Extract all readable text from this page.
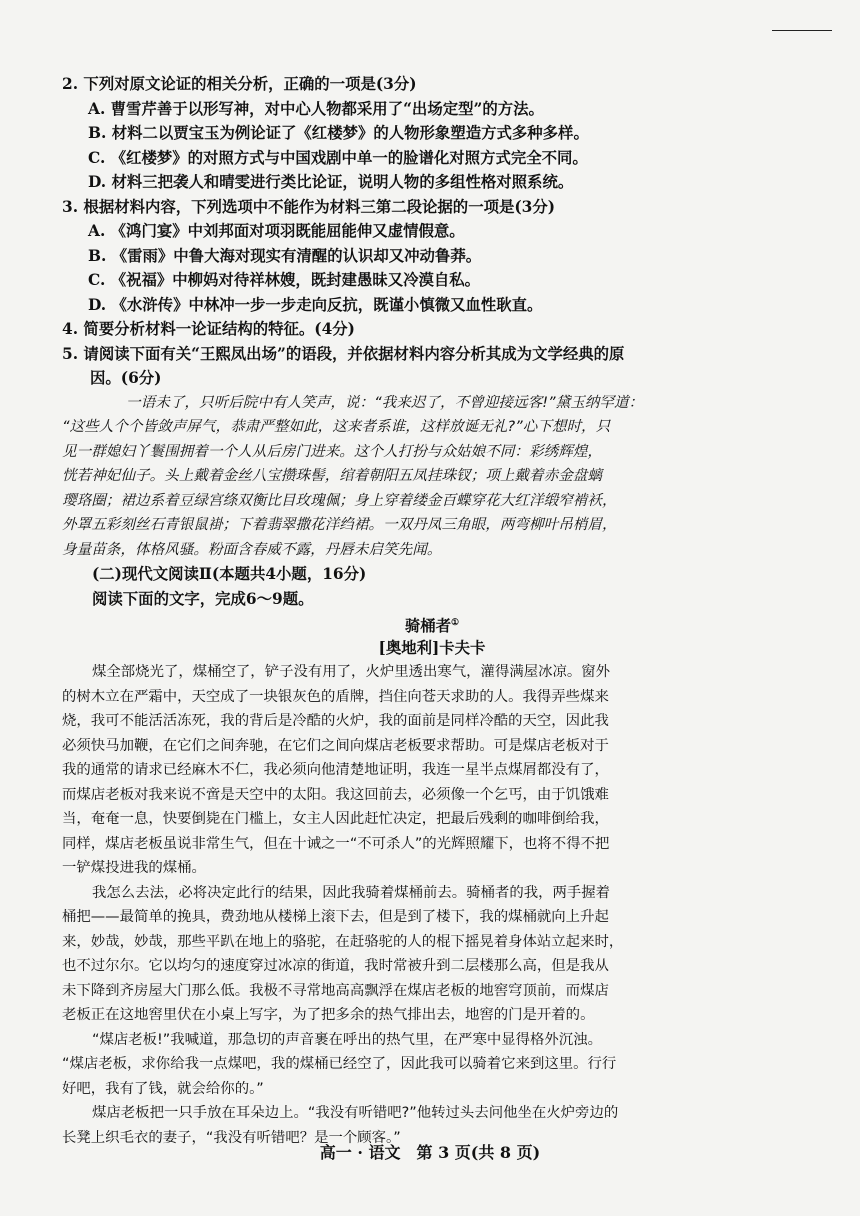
2. 下列对原文论证的相关分析，正确的一项是(3分)
A. 曹雪芹善于以形写神，对中心人物都采用了“出场定型”的方法。
B. 材料二以贾宝玉为例论证了《红楼梦》的人物形象塑造方式多种多样。
C. 《红楼梦》的对照方式与中国戏剧中单一的脸谱化对照方式完全不同。
D. 材料三把袭人和晴雯进行类比论证，说明人物的多组性格对照系统。
3. 根据材料内容，下列选项中不能作为材料三第二段论据的一项是(3分)
A. 《鸿门宴》中刘邦面对项羽既能屈能伸又虚情假意。
B. 《雷雨》中鲁大海对现实有清醒的认识却又冲动鲁莽。
C. 《祝福》中柳妈对待祥林嫂，既封建愚昧又冷漠自私。
D. 《水浒传》中林冲一步一步走向反抗，既谨小慎微又血性耿直。
4. 简要分析材料一论证结构的特征。(4分)
5. 请阅读下面有关“王熙凤出场”的语段，并依据材料内容分析其成为文学经典的原
因。(6分)
一语未了，只听后院中有人笑声，说：“我来迟了，不曾迎接远客!”黛玉纳罕道：
“这些人个个皆敛声屏气，恭肃严整如此，这来者系谁，这样放诞无礼?”心下想时，只
见一群媳妇丫鬟围拥着一个人从后房门进来。这个人打扮与众姑娘不同：彩绣辉煌，
恍若神妃仙子。头上戴着金丝八宝攒珠髻，绾着朝阳五凤挂珠钗；项上戴着赤金盘螭
璎珞圈；裙边系着豆绿宫绦双衡比目玫瑰佩；身上穿着缕金百蝶穿花大红洋缎窄褃袄，
外罩五彩刻丝石青银鼠褂；下着翡翠撒花洋绉裙。一双丹凤三角眼，两弯柳叶吊梢眉，
身量苗条，体格风骚。粉面含春威不露，丹唇未启笑先闻。
(二)现代文阅读Ⅱ(本题共4小题，16分)
阅读下面的文字，完成6～9题。
骑桶者①
[奥地利]卡夫卡
煤全部烧光了，煤桶空了，铲子没有用了，火炉里透出寒气，灌得满屋冰凉。窗外
的树木立在严霜中，天空成了一块银灰色的盾牌，挡住向苍天求助的人。我得弄些煤来
烧，我可不能活活冻死，我的背后是冷酷的火炉，我的面前是同样冷酷的天空，因此我
必须快马加鞭，在它们之间奔驰，在它们之间向煤店老板要求帮助。可是煤店老板对于
我的通常的请求已经麻木不仁，我必须向他清楚地证明，我连一星半点煤屑都没有了，
而煤店老板对我来说不啻是天空中的太阳。我这回前去，必须像一个乞丐，由于饥饿难
当，奄奄一息，快要倒毙在门槛上，女主人因此赶忙决定，把最后残剩的咖啡倒给我，
同样，煤店老板虽说非常生气，但在十诫之一“不可杀人”的光辉照耀下，也将不得不把
一铲煤投进我的煤桶。
我怎么去法，必将决定此行的结果，因此我骑着煤桶前去。骑桶者的我，两手握着
桶把——最简单的挽具，费劲地从楼梯上滚下去，但是到了楼下，我的煤桶就向上升起
来，妙哉，妙哉，那些平趴在地上的骆驼，在赶骆驼的人的棍下摇晃着身体站立起来时，
也不过尔尔。它以均匀的速度穿过冰凉的街道，我时常被升到二层楼那么高，但是我从
未下降到齐房屋大门那么低。我极不寻常地高高飘浮在煤店老板的地窖穹顶前，而煤店
老板正在这地窖里伏在小桌上写字，为了把多余的热气排出去，地窖的门是开着的。
“煤店老板!”我喊道，那急切的声音裹在呼出的热气里，在严寒中显得格外沉浊。
“煤店老板，求你给我一点煤吧，我的煤桶已经空了，因此我可以骑着它来到这里。行行
好吧，我有了钱，就会给你的。”
煤店老板把一只手放在耳朵边上。“我没有听错吧?”他转过头去问他坐在火炉旁边的
长凳上织毛衣的妻子，“我没有听错吧？是一个顾客。”
高一 · 语文　第 3 页(共 8 页)
